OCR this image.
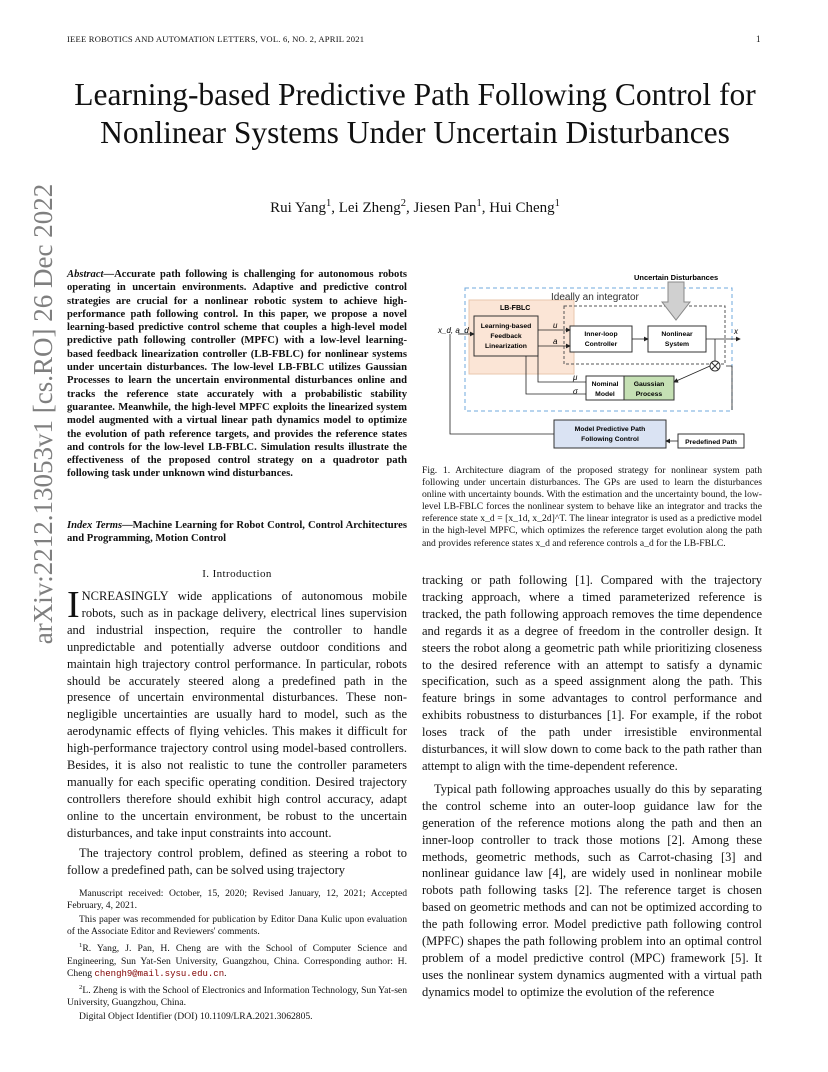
IEEE ROBOTICS AND AUTOMATION LETTERS, VOL. 6, NO. 2, APRIL 2021	1
Learning-based Predictive Path Following Control for Nonlinear Systems Under Uncertain Disturbances
Rui Yang$^1$, Lei Zheng$^2$, Jiesen Pan$^1$, Hui Cheng$^1$
arXiv:2212.13053v1 [cs.RO] 26 Dec 2022 Abstract—Accurate path following is challenging for autonomous robots operating in uncertain environments. Adaptive and predictive control strategies are crucial for a nonlinear robotic system to achieve high-performance path following control. In this paper, we propose a novel learning-based predictive control scheme that couples a high-level model predictive path following controller (MPFC) with a low-level learning-based feedback linearization controller (LB-FBLC) for nonlinear systems under uncertain disturbances. The low-level LB-FBLC utilizes Gaussian Processes to learn the uncertain environmental disturbances online and tracks the reference state accurately with a probabilistic stability guarantee. Meanwhile, the high-level MPFC exploits the linearized system model augmented with a virtual linear path dynamics model to optimize the evolution of path reference targets, and provides the reference states and controls for the low-level LB-FBLC. Simulation results illustrate the effectiveness of the proposed control strategy on a quadrotor path following task under unknown wind disturbances.
Index Terms—Machine Learning for Robot Control, Control Architectures and Programming, Motion Control
I. Introduction

INCREASINGLY wide applications of autonomous mobile robots, such as in package delivery, electrical lines supervision and industrial inspection, require the controller to handle unpredictable and potentially adverse outdoor conditions and maintain high trajectory control performance. In particular, robots should be accurately steered along a predefined path in the presence of uncertain environmental disturbances. These non-negligible uncertainties are usually hard to model, such as the aerodynamic effects of flying vehicles. This makes it difficult for high-performance trajectory control using model-based controllers. Besides, it is also not realistic to tune the controller parameters manually for each specific operating condition. Desired trajectory controllers therefore should exhibit high control accuracy, adapt online to the uncertain environment, be robust to the uncertain disturbances, and take input constraints into account.

The trajectory control problem, defined as steering a robot to follow a predefined path, can be solved using trajectory

Manuscript received: October, 15, 2020; Revised January, 12, 2021; Accepted February, 4, 2021.

This paper was recommended for publication by Editor Dana Kulic upon evaluation of the Associate Editor and Reviewers' comments.

$^1$R. Yang, J. Pan, H. Cheng are with the School of Computer Science and Engineering, Sun Yat-Sen University, Guangzhou, China. Corresponding author: H. Cheng chengh9@mail.sysu.edu.cn.

$^2$L. Zheng is with the School of Electronics and Information Technology, Sun Yat-sen University, Guangzhou, China.

Digital Object Identifier (DOI) 10.1109/LRA.2021.3062805.

Uncertain Disturbances
LB-FBLC
Ideally an integrator
Learning-based
Feedback
Linearization
Inner-loop
Controller
Nonlinear
System
Nominal
Model
Gaussian
Process
Model Predictive Path
Following Control	Predefined Path
x_d, a_d
u
a
x
μ
σ
Fig. 1. Architecture diagram of the proposed strategy for nonlinear system path following under uncertain disturbances. The GPs are used to learn the disturbances online with uncertainty bounds. With the estimation and the uncertainty bound, the low-level LB-FBLC forces the nonlinear system to behave like an integrator and tracks the reference state x_d = [x_1d, x_2d]^T. The linear integrator is used as a predictive model in the high-level MPFC, which optimizes the reference target evolution along the path and provides reference states x_d and reference controls a_d for the LB-FBLC.

tracking or path following [1]. Compared with the trajectory tracking approach, where a timed parameterized reference is tracked, the path following approach removes the time dependence and regards it as a degree of freedom in the controller design. It steers the robot along a geometric path while prioritizing closeness to the desired reference with an attempt to satisfy a dynamic specification, such as a speed assignment along the path. This feature brings in some advantages to control performance and exhibits robustness to disturbances [1]. For example, if the robot loses track of the path under irresistible environmental disturbances, it will slow down to come back to the path rather than attempt to align with the time-dependent reference.

Typical path following approaches usually do this by separating the control scheme into an outer-loop guidance law for the generation of the reference motions along the path and then an inner-loop controller to track those motions [2]. Among these methods, geometric methods, such as Carrot-chasing [3] and nonlinear guidance law [4], are widely used in nonlinear mobile robots path following tasks [2]. The reference target is chosen based on geometric methods and can not be optimized according to the path following error. Model predictive path following control (MPFC) shapes the path following problem into an optimal control problem of a model predictive control (MPC) framework [5]. It uses the nonlinear system dynamics augmented with a virtual path dynamics model to optimize the evolution of the reference
